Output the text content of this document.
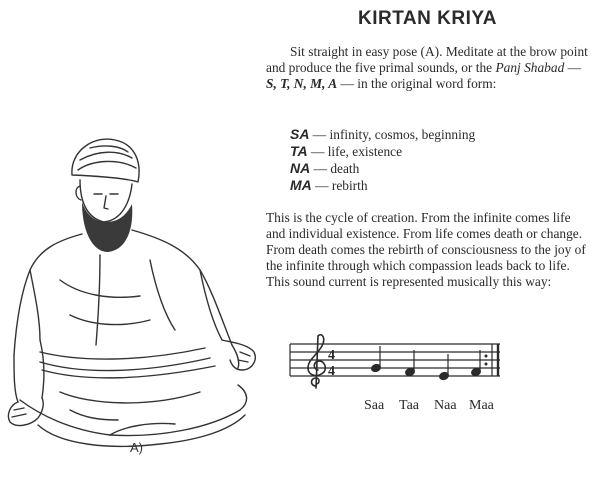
KIRTAN KRIYA

Sit straight in easy pose (A). Meditate at the brow point and produce the five primal sounds, or the Panj Shabad — S, T, N, M, A — in the original word form:

SA — infinity, cosmos, beginning
TA — life, existence
NA — death
MA — rebirth

This is the cycle of creation. From the infinite comes life and individual existence. From life comes death or change. From death comes the rebirth of consciousness to the joy of the infinite through which compassion leads back to life. This sound current is represented musically this way:

A)
4
4
Saa Taa Naa Maa
